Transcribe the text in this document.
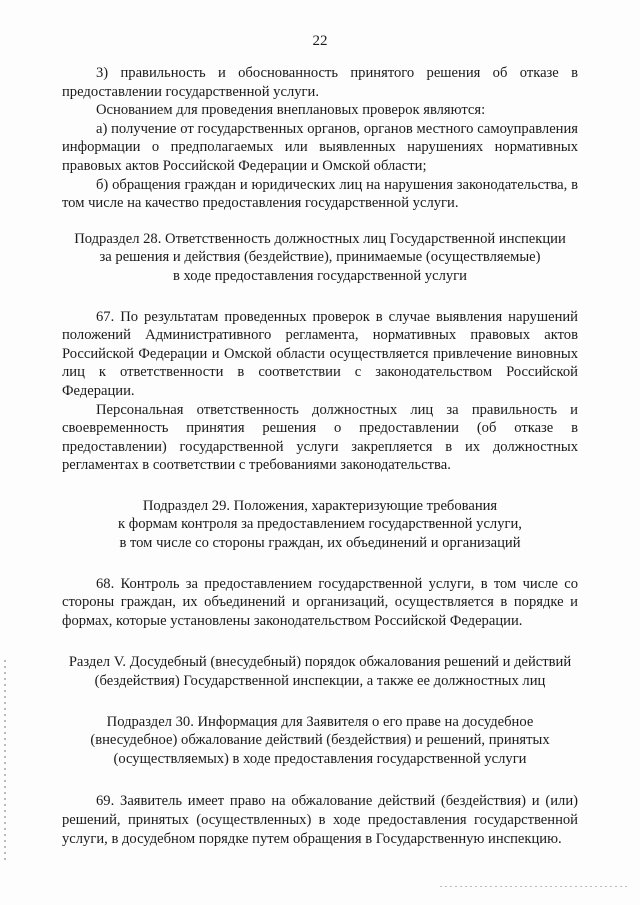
22

3) правильность и обоснованность принятого решения об отказе в предоставлении государственной услуги.

Основанием для проведения внеплановых проверок являются:

а) получение от государственных органов, органов местного самоуправления информации о предполагаемых или выявленных нарушениях нормативных правовых актов Российской Федерации и Омской области;

б) обращения граждан и юридических лиц на нарушения законодательства, в том числе на качество предоставления государственной услуги.

Подраздел 28. Ответственность должностных лиц Государственной инспекции
за решения и действия (бездействие), принимаемые (осуществляемые)
в ходе предоставления государственной услуги

67. По результатам проведенных проверок в случае выявления нарушений положений Административного регламента, нормативных правовых актов Российской Федерации и Омской области осуществляется привлечение виновных лиц к ответственности в соответствии с законодательством Российской Федерации.

Персональная ответственность должностных лиц за правильность и своевременность принятия решения о предоставлении (об отказе в предоставлении) государственной услуги закрепляется в их должностных регламентах в соответствии с требованиями законодательства.

Подраздел 29. Положения, характеризующие требования
к формам контроля за предоставлением государственной услуги,
в том числе со стороны граждан, их объединений и организаций

68. Контроль за предоставлением государственной услуги, в том числе со стороны граждан, их объединений и организаций, осуществляется в порядке и формах, которые установлены законодательством Российской Федерации.

Раздел V. Досудебный (внесудебный) порядок обжалования решений и действий
(бездействия) Государственной инспекции, а также ее должностных лиц
Подраздел 30. Информация для Заявителя о его праве на досудебное
(внесудебное) обжалование действий (бездействия) и решений, принятых
(осуществляемых) в ходе предоставления государственной услуги

69. Заявитель имеет право на обжалование действий (бездействия) и (или) решений, принятых (осуществленных) в ходе предоставления государственной услуги, в досудебном порядке путем обращения в Государственную инспекцию.
